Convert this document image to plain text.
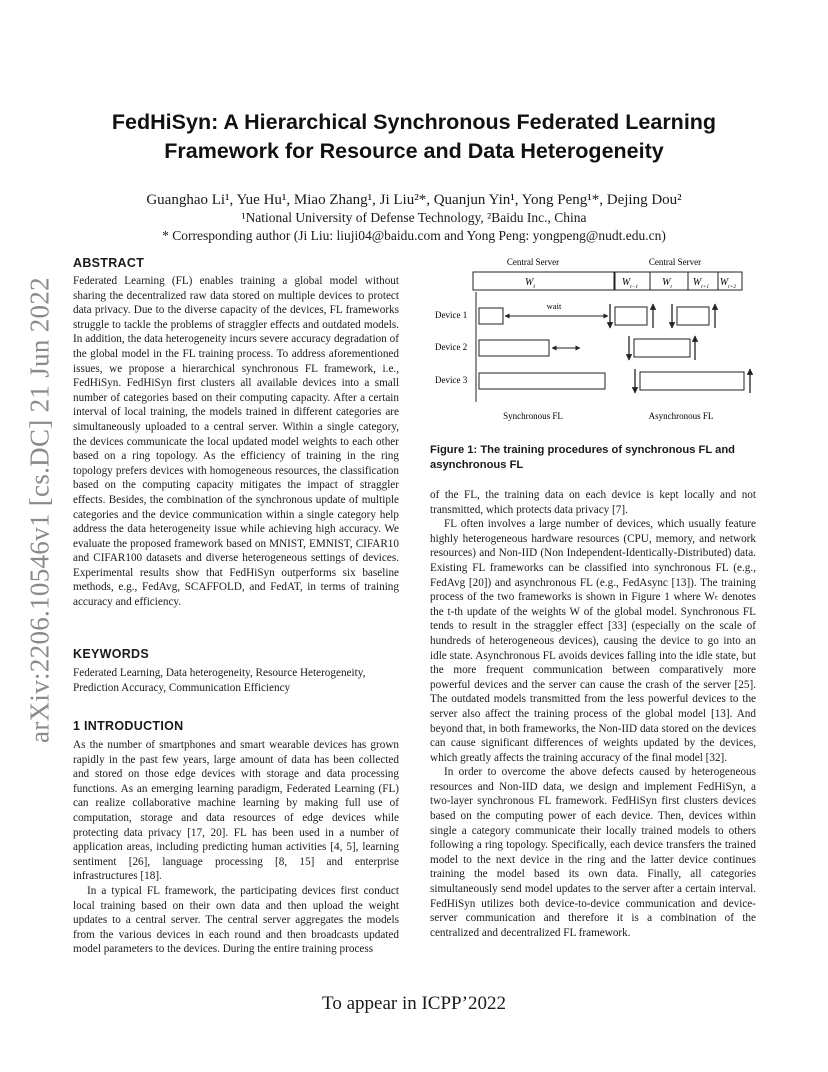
arXiv:2206.10546v1 [cs.DC] 21 Jun 2022
FedHiSyn: A Hierarchical Synchronous Federated Learning
Framework for Resource and Data Heterogeneity
Guanghao Li¹, Yue Hu¹, Miao Zhang¹, Ji Liu²*, Quanjun Yin¹, Yong Peng¹*, Dejing Dou²
¹National University of Defense Technology, ²Baidu Inc., China
* Corresponding author (Ji Liu: liuji04@baidu.com and Yong Peng: yongpeng@nudt.edu.cn)
ABSTRACT

Federated Learning (FL) enables training a global model without sharing the decentralized raw data stored on multiple devices to protect data privacy. Due to the diverse capacity of the devices, FL frameworks struggle to tackle the problems of straggler effects and outdated models. In addition, the data heterogeneity incurs severe accuracy degradation of the global model in the FL training process. To address aforementioned issues, we propose a hierarchical synchronous FL framework, i.e., FedHiSyn. FedHiSyn first clusters all available devices into a small number of categories based on their computing capacity. After a certain interval of local training, the models trained in different categories are simultaneously uploaded to a central server. Within a single category, the devices communicate the local updated model weights to each other based on a ring topology. As the efficiency of training in the ring topology prefers devices with homogeneous resources, the classification based on the computing capacity mitigates the impact of straggler effects. Besides, the combination of the synchronous update of multiple categories and the device communication within a single category help address the data heterogeneity issue while achieving high accuracy. We evaluate the proposed framework based on MNIST, EMNIST, CIFAR10 and CIFAR100 datasets and diverse heterogeneous settings of devices. Experimental results show that FedHiSyn outperforms six baseline methods, e.g., FedAvg, SCAFFOLD, and FedAT, in terms of training accuracy and efficiency.

KEYWORDS

Federated Learning, Data heterogeneity, Resource Heterogeneity, Prediction Accuracy, Communication Efficiency

1 INTRODUCTION

As the number of smartphones and smart wearable devices has grown rapidly in the past few years, large amount of data has been collected and stored on those edge devices with storage and data processing functions. As an emerging learning paradigm, Federated Learning (FL) can realize collaborative machine learning by making full use of computation, storage and data resources of edge devices while protecting data privacy [17, 20]. FL has been used in a number of application areas, including predicting human activities [4, 5], learning sentiment [26], language processing [8, 15] and enterprise infrastructures [18].

In a typical FL framework, the participating devices first conduct local training based on their own data and then upload the weight updates to a central server. The central server aggregates the models from the various devices in each round and then broadcasts updated model parameters to the devices. During the entire training process

Central Server
$W_t$
Device 1
Device 2
Device 3
wait
Synchronous FL
Central Server
$W_{t-1}$ $W_t$ $W_{t+1}$ $W_{t+2}$
Asynchronous FL
Figure 1: The training procedures of synchronous FL and asynchronous FL

of the FL, the training data on each device is kept locally and not transmitted, which protects data privacy [7].

FL often involves a large number of devices, which usually feature highly heterogeneous hardware resources (CPU, memory, and network resources) and Non-IID (Non Independent-Identically-Distributed) data. Existing FL frameworks can be classified into synchronous FL (e.g., FedAvg [20]) and asynchronous FL (e.g., FedAsync [13]). The training process of the two frameworks is shown in Figure 1 where Wₜ denotes the t-th update of the weights W of the global model. Synchronous FL tends to result in the straggler effect [33] (especially on the scale of hundreds of heterogeneous devices), causing the device to go into an idle state. Asynchronous FL avoids devices falling into the idle state, but the more frequent communication between comparatively more powerful devices and the server can cause the crash of the server [25]. The outdated models transmitted from the less powerful devices to the server also affect the training process of the global model [13]. And beyond that, in both frameworks, the Non-IID data stored on the devices can cause significant differences of weights updated by the devices, which greatly affects the training accuracy of the final model [32].

In order to overcome the above defects caused by heterogeneous resources and Non-IID data, we design and implement FedHiSyn, a two-layer synchronous FL framework. FedHiSyn first clusters devices based on the computing power of each device. Then, devices within single a category communicate their locally trained models to others following a ring topology. Specifically, each device transfers the trained model to the next device in the ring and the latter device continues training the model based its own data. Finally, all categories simultaneously send model updates to the server after a certain interval. FedHiSyn utilizes both device-to-device communication and device-server communication and therefore it is a combination of the centralized and decentralized FL framework.

To appear in ICPP’2022
